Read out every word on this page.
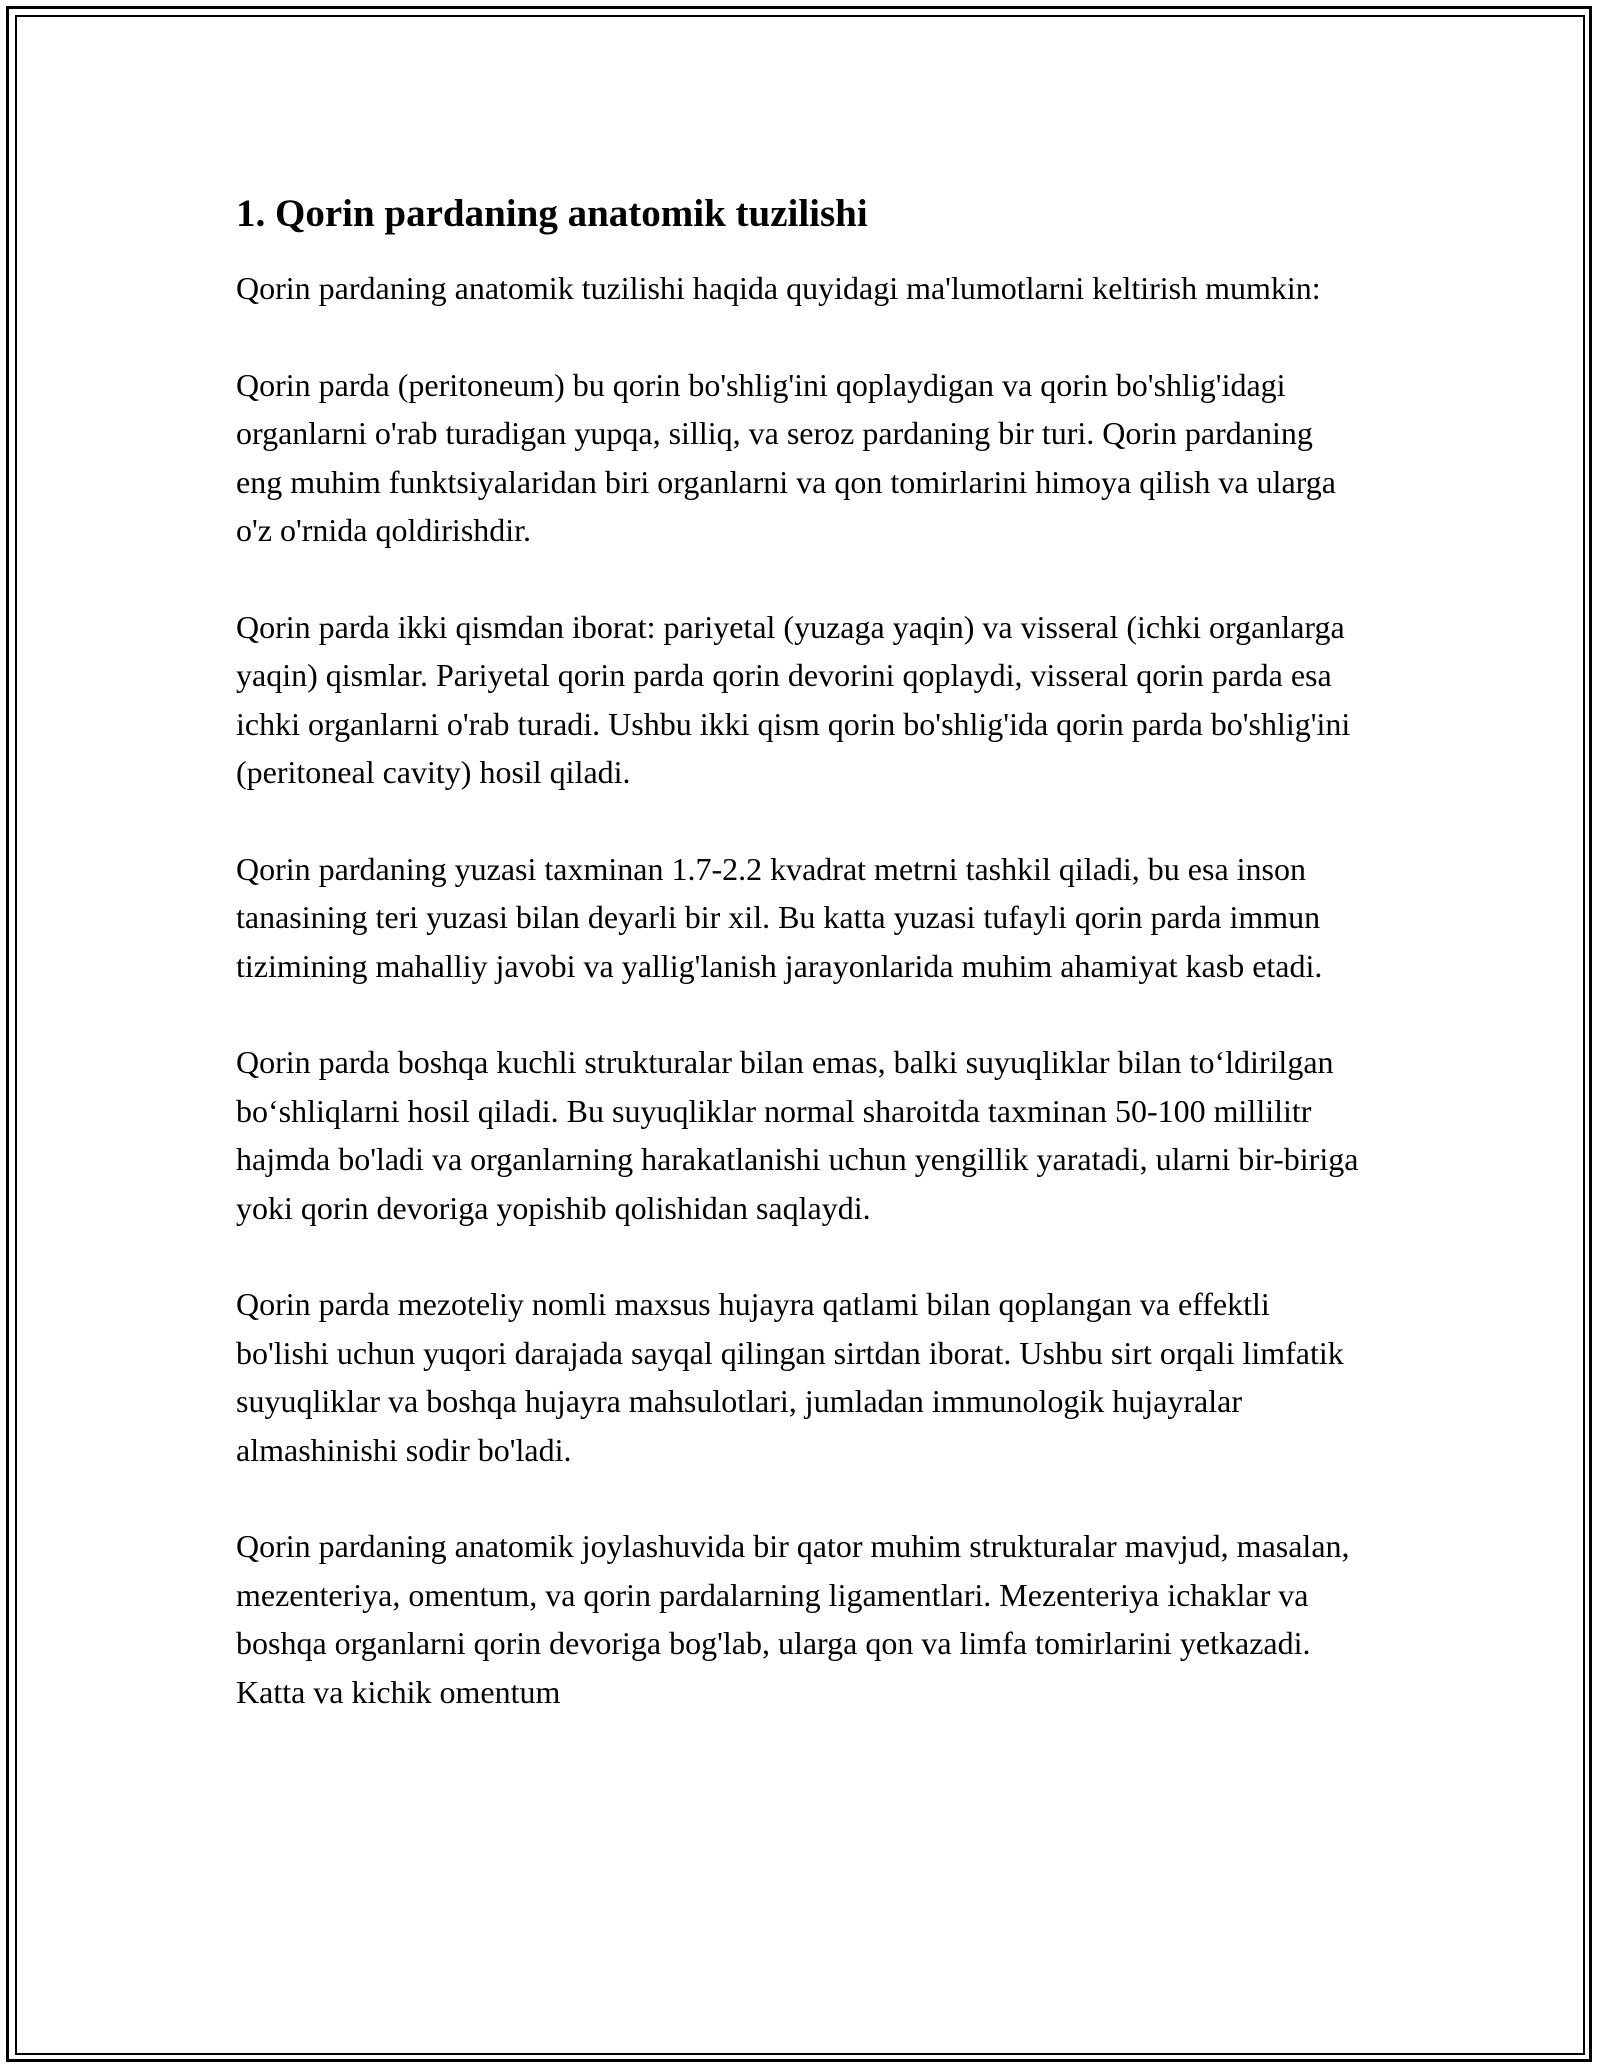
1. Qorin pardaning anatomik tuzilishi

Qorin pardaning anatomik tuzilishi haqida quyidagi ma'lumotlarni keltirish mumkin:

Qorin parda (peritoneum) bu qorin bo'shlig'ini qoplaydigan va qorin bo'shlig'idagi organlarni o'rab turadigan yupqa, silliq, va seroz pardaning bir turi. Qorin pardaning eng muhim funktsiyalaridan biri organlarni va qon tomirlarini himoya qilish va ularga o'z o'rnida qoldirishdir.

Qorin parda ikki qismdan iborat: pariyetal (yuzaga yaqin) va visseral (ichki organlarga yaqin) qismlar. Pariyetal qorin parda qorin devorini qoplaydi, visseral qorin parda esa ichki organlarni o'rab turadi. Ushbu ikki qism qorin bo'shlig'ida qorin parda bo'shlig'ini (peritoneal cavity) hosil qiladi.

Qorin pardaning yuzasi taxminan 1.7-2.2 kvadrat metrni tashkil qiladi, bu esa inson tanasining teri yuzasi bilan deyarli bir xil. Bu katta yuzasi tufayli qorin parda immun tizimining mahalliy javobi va yallig'lanish jarayonlarida muhim ahamiyat kasb etadi.

Qorin parda boshqa kuchli strukturalar bilan emas, balki suyuqliklar bilan to‘ldirilgan bo‘shliqlarni hosil qiladi. Bu suyuqliklar normal sharoitda taxminan 50-100 millilitr hajmda bo'ladi va organlarning harakatlanishi uchun yengillik yaratadi, ularni bir-biriga yoki qorin devoriga yopishib qolishidan saqlaydi.

Qorin parda mezoteliy nomli maxsus hujayra qatlami bilan qoplangan va effektli bo'lishi uchun yuqori darajada sayqal qilingan sirtdan iborat. Ushbu sirt orqali limfatik suyuqliklar va boshqa hujayra mahsulotlari, jumladan immunologik hujayralar almashinishi sodir bo'ladi.

Qorin pardaning anatomik joylashuvida bir qator muhim strukturalar mavjud, masalan, mezenteriya, omentum, va qorin pardalarning ligamentlari. Mezenteriya ichaklar va boshqa organlarni qorin devoriga bog'lab, ularga qon va limfa tomirlarini yetkazadi. Katta va kichik omentum
